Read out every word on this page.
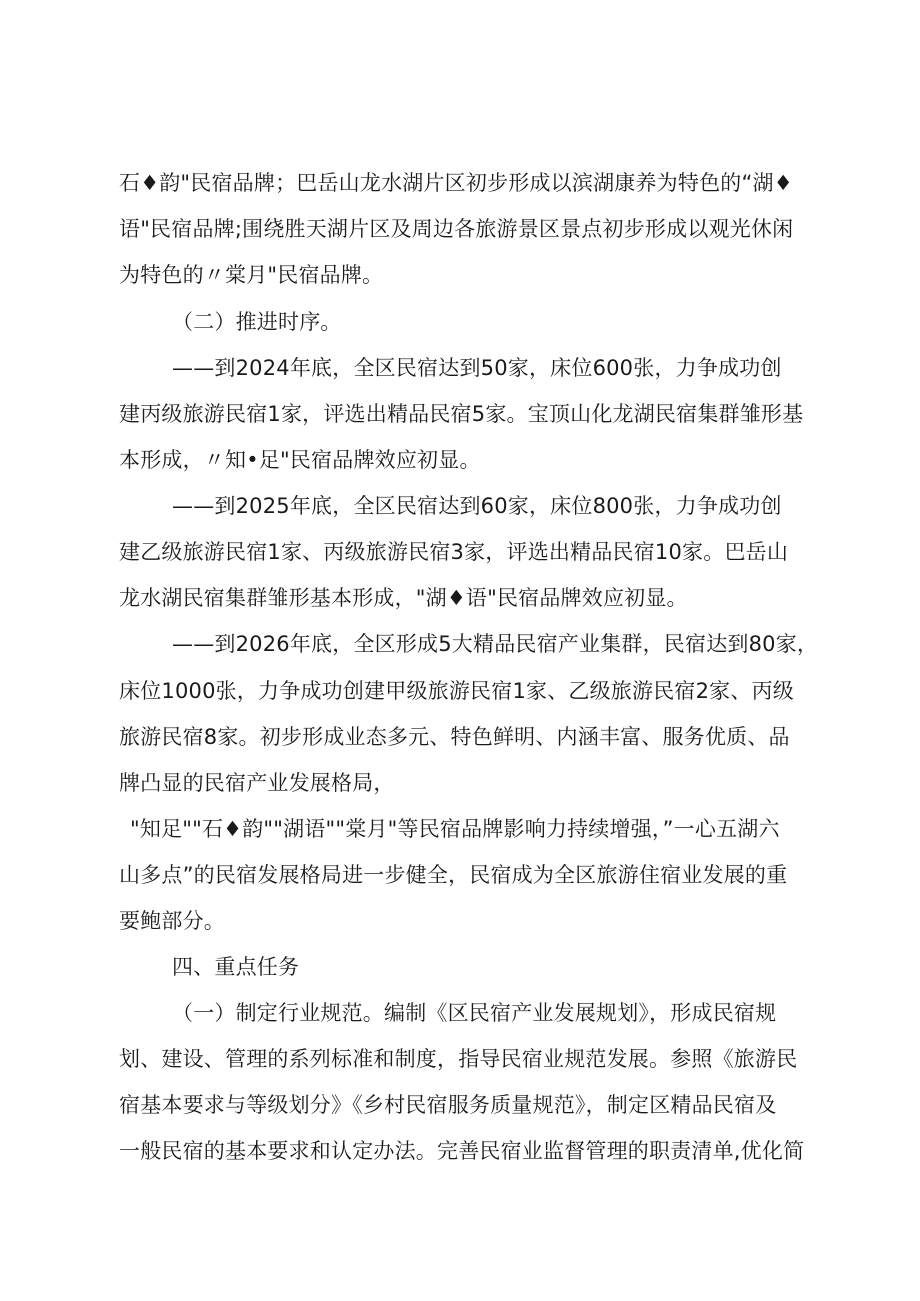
石♦韵"民宿品牌；巴岳山龙水湖片区初步形成以滨湖康养为特色的“湖♦
语"民宿品牌;围绕胜天湖片区及周边各旅游景区景点初步形成以观光休闲
为特色的〃棠月"民宿品牌。
（二）推进时序。
——到2024年底，全区民宿达到50家，床位600张，力争成功创
建丙级旅游民宿1家，评选出精品民宿5家。宝顶山化龙湖民宿集群雏形基
本形成，〃知•足"民宿品牌效应初显。
——到2025年底，全区民宿达到60家，床位800张，力争成功创
建乙级旅游民宿1家、丙级旅游民宿3家，评选出精品民宿10家。巴岳山
龙水湖民宿集群雏形基本形成，"湖♦语"民宿品牌效应初显。
——到2026年底，全区形成5大精品民宿产业集群，民宿达到80家，
床位1000张，力争成功创建甲级旅游民宿1家、乙级旅游民宿2家、丙级
旅游民宿8家。初步形成业态多元、特色鲜明、内涵丰富、服务优质、品
牌凸显的民宿产业发展格局，
"知足""石♦韵""湖语""棠月"等民宿品牌影响力持续增强，”一心五湖六
山多点”的民宿发展格局进一步健全，民宿成为全区旅游住宿业发展的重
要鲍部分。
四、重点任务
（一）制定行业规范。编制《区民宿产业发展规划》，形成民宿规
划、建设、管理的系列标准和制度，指导民宿业规范发展。参照《旅游民
宿基本要求与等级划分》《乡村民宿服务质量规范》，制定区精品民宿及
一般民宿的基本要求和认定办法。完善民宿业监督管理的职责清单,优化简
